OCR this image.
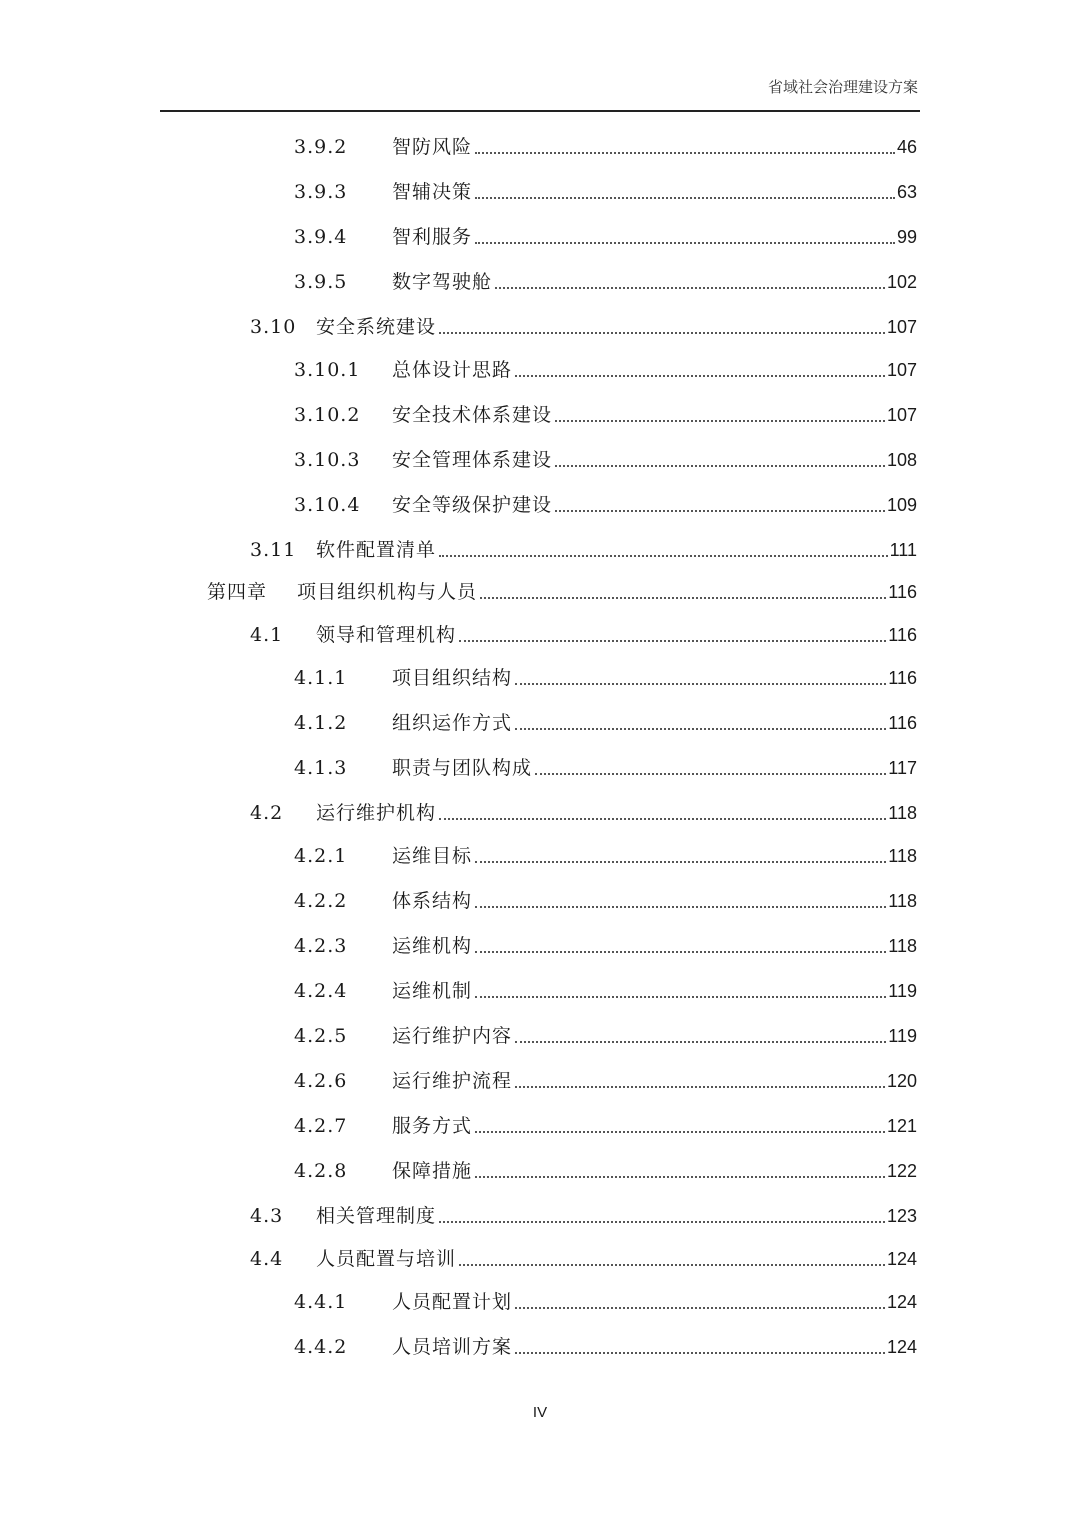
省域社会治理建设方案
3.9.2	智防风险	46
3.9.3	智辅决策	63
3.9.4	智利服务	99
3.9.5	数字驾驶舱	102
3.10	安全系统建设	107
3.10.1	总体设计思路	107
3.10.2	安全技术体系建设	107
3.10.3	安全管理体系建设	108
3.10.4	安全等级保护建设	109
3.11	软件配置清单	111
第四章	项目组织机构与人员	116
4.1	领导和管理机构	116
4.1.1	项目组织结构	116
4.1.2	组织运作方式	116
4.1.3	职责与团队构成	117
4.2	运行维护机构	118
4.2.1	运维目标	118
4.2.2	体系结构	118
4.2.3	运维机构	118
4.2.4	运维机制	119
4.2.5	运行维护内容	119
4.2.6	运行维护流程	120
4.2.7	服务方式	121
4.2.8	保障措施	122
4.3	相关管理制度	123
4.4	人员配置与培训	124
4.4.1	人员配置计划	124
4.4.2	人员培训方案	124
IV
